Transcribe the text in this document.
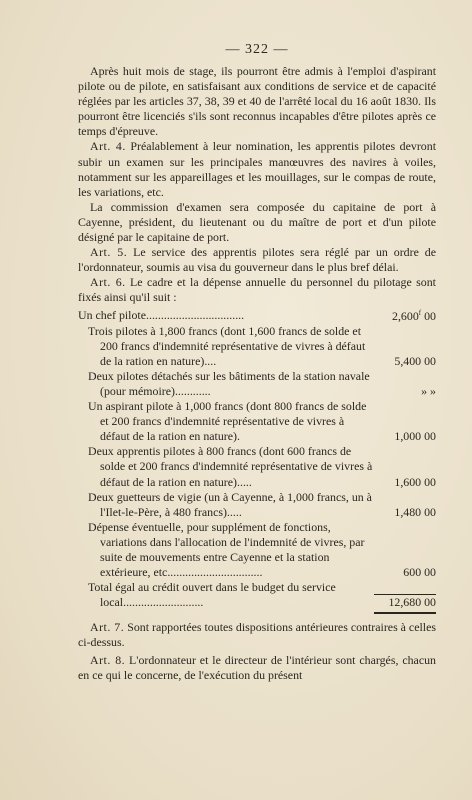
— 322 —

Après huit mois de stage, ils pourront être admis à l'emploi d'aspirant pilote ou de pilote, en satisfaisant aux conditions de service et de capacité réglées par les articles 37, 38, 39 et 40 de l'arrêté local du 16 août 1830. Ils pourront être licenciés s'ils sont reconnus incapables d'être pilotes après ce temps d'épreuve.

Art. 4. Préalablement à leur nomination, les apprentis pilotes devront subir un examen sur les principales manœuvres des navires à voiles, notamment sur les appareillages et les mouillages, sur le compas de route, les variations, etc.

La commission d'examen sera composée du capitaine de port à Cayenne, président, du lieutenant ou du maître de port et d'un pilote désigné par le capitaine de port.

Art. 5. Le service des apprentis pilotes sera réglé par un ordre de l'ordonnateur, soumis au visa du gouverneur dans le plus bref délai.

Art. 6. Le cadre et la dépense annuelle du personnel du pilotage sont fixés ainsi qu'il suit :

Un chef pilote.................................	2,600$^f$ 00
Trois pilotes à 1,800 francs (dont 1,600 francs de solde et 200 francs d'indemnité représentative de vivres à défaut de la ration en nature)....	5,400 00
Deux pilotes détachés sur les bâtiments de la station navale (pour mémoire)............	» »
Un aspirant pilote à 1,000 francs (dont 800 francs de solde et 200 francs d'indemnité représentative de vivres à défaut de la ration en nature).	1,000 00
Deux apprentis pilotes à 800 francs (dont 600 francs de solde et 200 francs d'indemnité représentative de vivres à défaut de la ration en nature).....	1,600 00
Deux guetteurs de vigie (un à Cayenne, à 1,000 francs, un à l'Ilet-le-Père, à 480 francs).....	1,480 00
Dépense éventuelle, pour supplément de fonctions, variations dans l'allocation de l'indemnité de vivres, par suite de mouvements entre Cayenne et la station extérieure, etc................................	600 00
Total égal au crédit ouvert dans le budget du service local...........................	12,680 00

Art. 7. Sont rapportées toutes dispositions antérieures contraires à celles ci-dessus.

Art. 8. L'ordonnateur et le directeur de l'intérieur sont chargés, chacun en ce qui le concerne, de l'exécution du présent
